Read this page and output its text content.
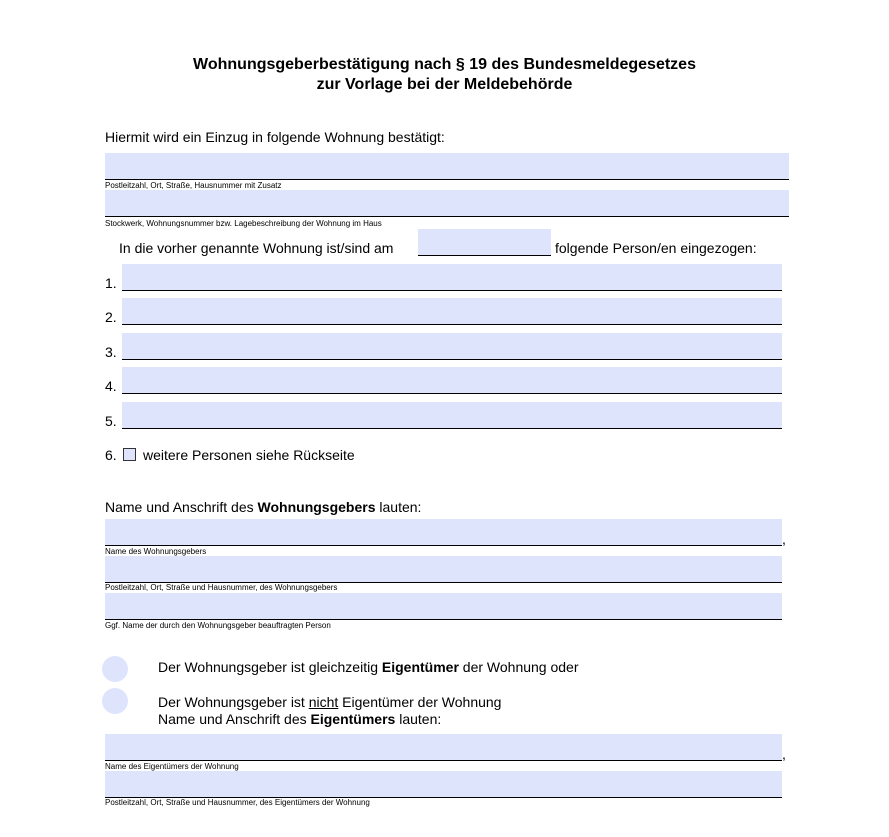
Wohnungsgeberbestätigung nach § 19 des Bundesmeldegesetzes
zur Vorlage bei der Meldebehörde
Hiermit wird ein Einzug in folgende Wohnung bestätigt:
Postleitzahl, Ort, Straße, Hausnummer mit Zusatz
Stockwerk, Wohnungsnummer bzw. Lagebeschreibung der Wohnung im Haus
In die vorher genannte Wohnung ist/sind am	folgende Person/en eingezogen:
1.
2.
3.
4.
5.
6. weitere Personen siehe Rückseite
Name und Anschrift des Wohnungsgebers lauten:
,
Name des Wohnungsgebers
Postleitzahl, Ort, Straße und Hausnummer, des Wohnungsgebers
Ggf. Name der durch den Wohnungsgeber beauftragten Person
Der Wohnungsgeber ist gleichzeitig Eigentümer der Wohnung oder
Der Wohnungsgeber ist nicht Eigentümer der Wohnung
Name und Anschrift des Eigentümers lauten:
,
Name des Eigentümers der Wohnung
Postleitzahl, Ort, Straße und Hausnummer, des Eigentümers der Wohnung
